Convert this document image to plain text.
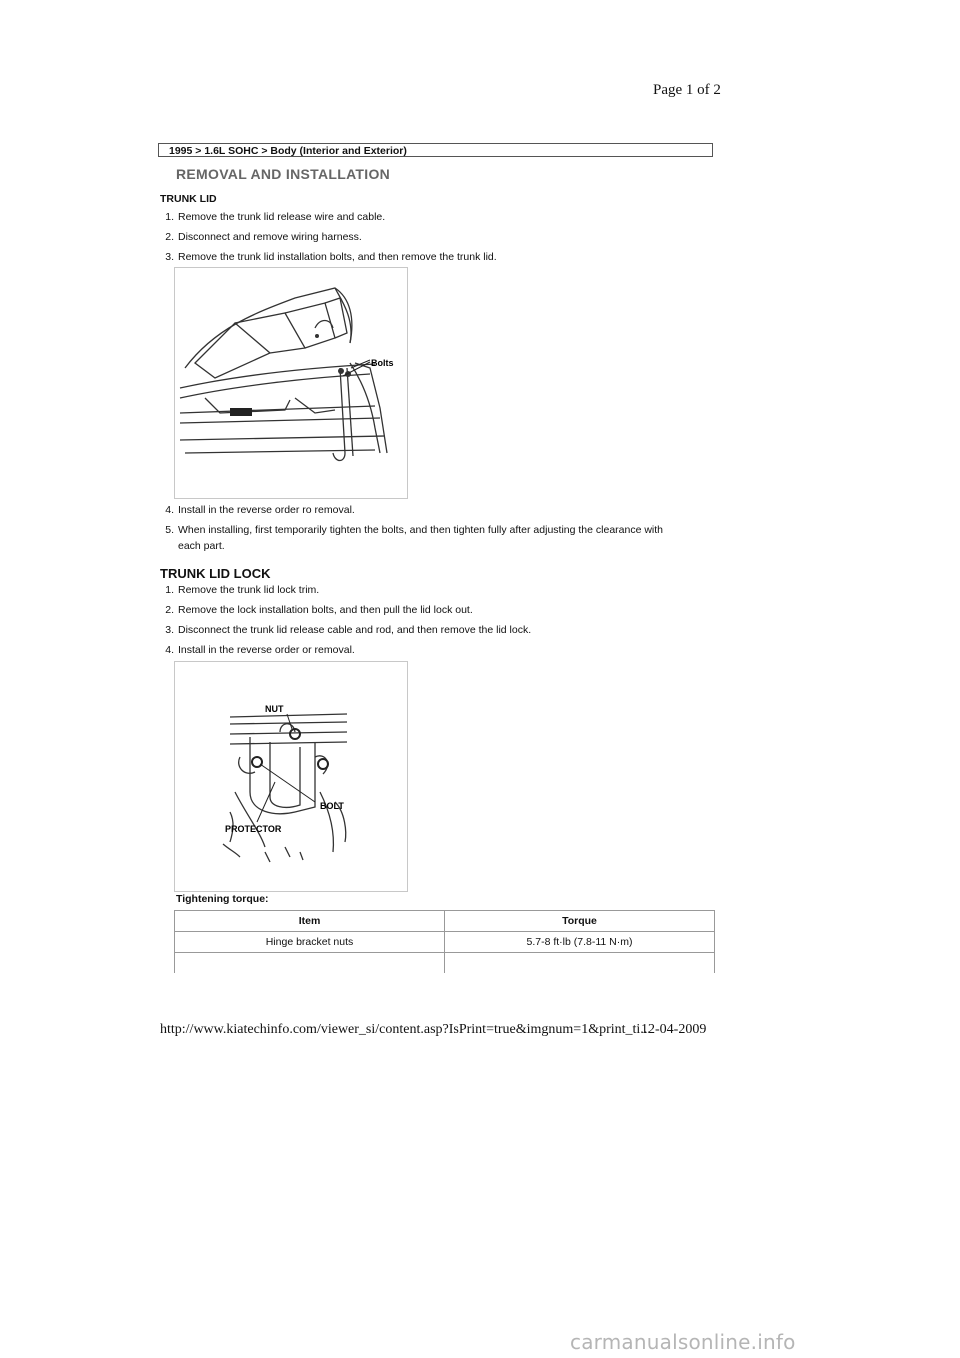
Page 1 of 2
1995 > 1.6L SOHC > Body (Interior and Exterior)
REMOVAL AND INSTALLATION
TRUNK LID
1. Remove the trunk lid release wire and cable.
2. Disconnect and remove wiring harness.
3. Remove the trunk lid installation bolts, and then remove the trunk lid.
Bolts
4. Install in the reverse order ro removal.
5. When installing, first temporarily tighten the bolts, and then tighten fully after adjusting the clearance with
each part.
TRUNK LID LOCK
1. Remove the trunk lid lock trim.
2. Remove the lock installation bolts, and then pull the lid lock out.
3. Disconnect the trunk lid release cable and rod, and then remove the lid lock.
4. Install in the reverse order or removal.
NUT
BOLT
PROTECTOR
Tightening torque:
Item	Torque
Hinge bracket nuts	5.7-8 ft·lb (7.8-11 N·m)

http://www.kiatechinfo.com/viewer_si/content.asp?IsPrint=true&imgnum=1&print_ti...
12-04-2009
carmanualsonline.info
